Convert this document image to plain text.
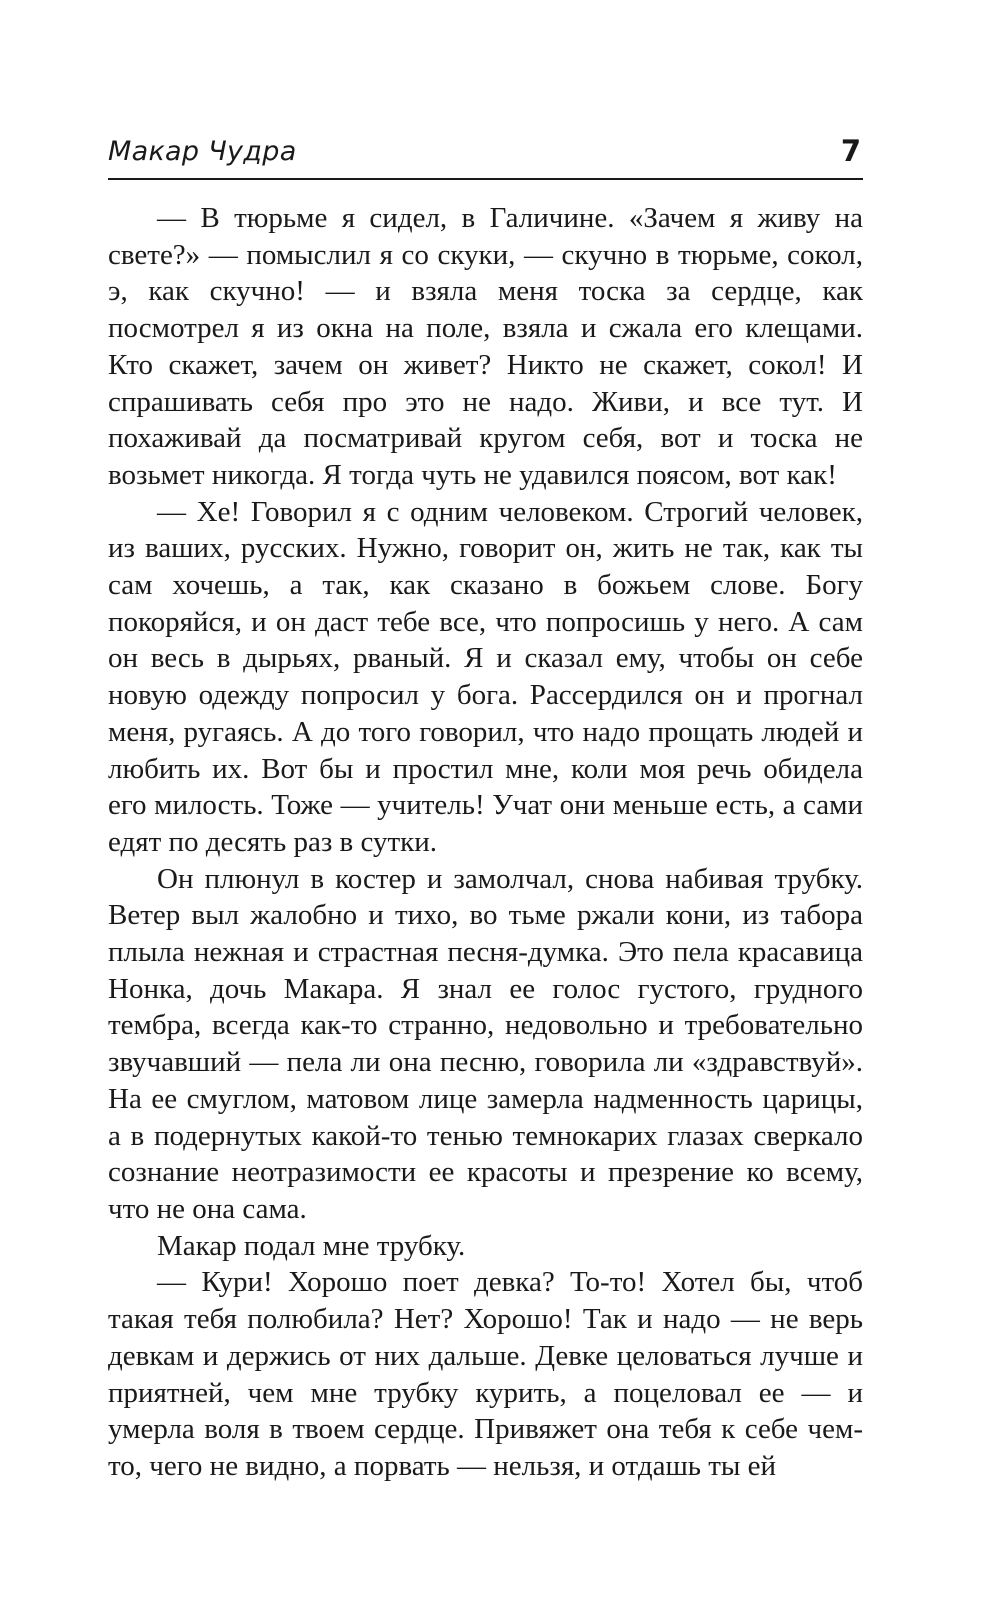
Макар Чудра	7

— В тюрьме я сидел, в Галичине. «Зачем я живу на свете?» — помыслил я со скуки, — скучно в тюрьме, сокол, э, как скучно! — и взяла меня тоска за сердце, как посмотрел я из окна на поле, взяла и сжала его клещами. Кто скажет, зачем он живет? Никто не скажет, сокол! И спрашивать себя про это не надо. Живи, и все тут. И похаживай да посматривай кругом себя, вот и тоска не возьмет никогда. Я тогда чуть не удавился поясом, вот как!

— Хе! Говорил я с одним человеком. Строгий человек, из ваших, русских. Нужно, говорит он, жить не так, как ты сам хочешь, а так, как сказано в божьем слове. Богу покоряйся, и он даст тебе все, что попросишь у него. А сам он весь в дырьях, рваный. Я и сказал ему, чтобы он себе новую одежду попросил у бога. Рассердился он и прогнал меня, ругаясь. А до того говорил, что надо прощать людей и любить их. Вот бы и простил мне, коли моя речь обидела его милость. Тоже — учитель! Учат они меньше есть, а сами едят по десять раз в сутки.

Он плюнул в костер и замолчал, снова набивая трубку. Ветер выл жалобно и тихо, во тьме ржали кони, из табора плыла нежная и страстная песня-думка. Это пела красавица Нонка, дочь Макара. Я знал ее голос густого, грудного тембра, всегда как-то странно, недовольно и требовательно звучавший — пела ли она песню, говорила ли «здравствуй». На ее смуглом, матовом лице замерла надменность царицы, а в подернутых какой-то тенью темнокарих глазах сверкало сознание неотразимости ее красоты и презрение ко всему, что не она сама.

Макар подал мне трубку.

— Кури! Хорошо поет девка? То-то! Хотел бы, чтоб такая тебя полюбила? Нет? Хорошо! Так и надо — не верь девкам и держись от них дальше. Девке целоваться лучше и приятней, чем мне трубку курить, а поцеловал ее — и умерла воля в твоем сердце. Привяжет она тебя к себе чем-то, чего не видно, а порвать — нельзя, и отдашь ты ей
